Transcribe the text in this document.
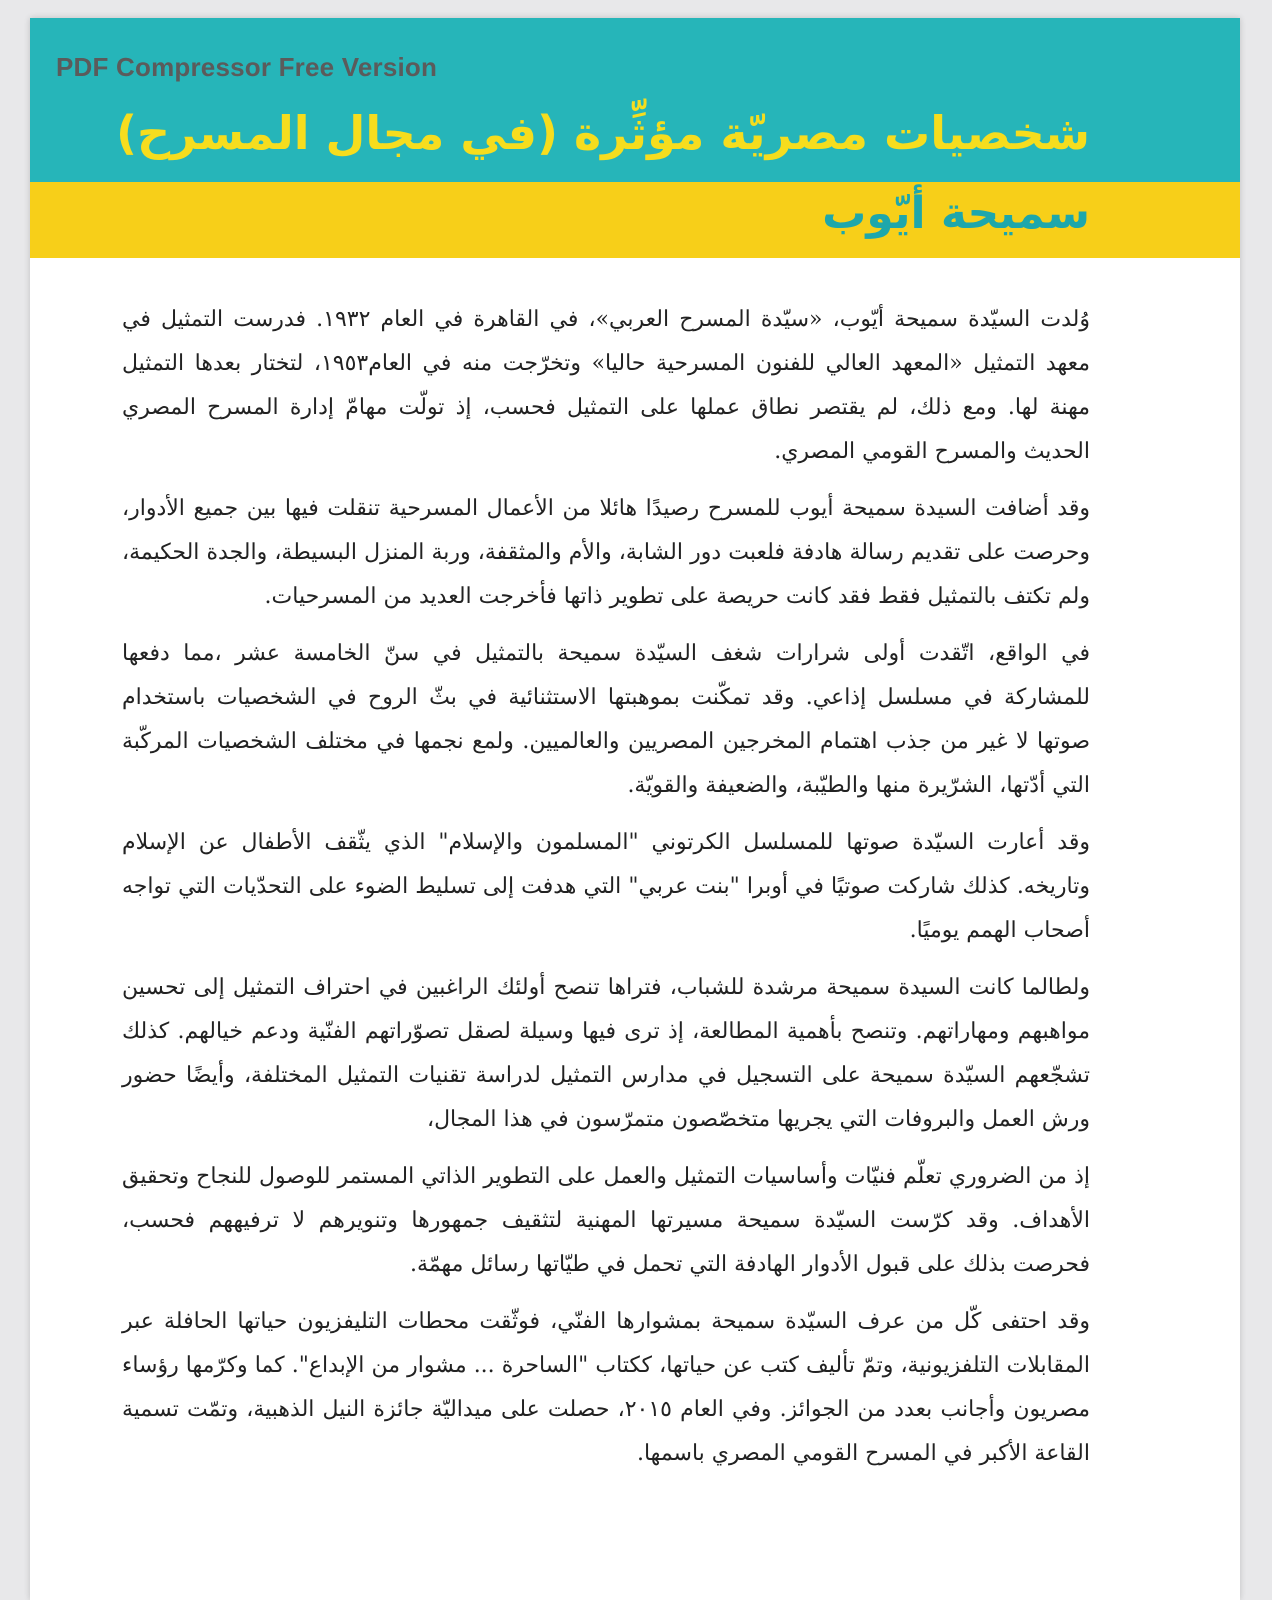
PDF Compressor Free Version
شخصيات مصريّة مؤثِّرة (في مجال المسرح)
سميحة أيّوب

وُلدت السيّدة سميحة أيّوب، «سيّدة المسرح العربي»، في القاهرة في العام ١٩٣٢. فدرست التمثيل في معهد التمثيل «المعهد العالي للفنون المسرحية حاليا» وتخرّجت منه في العام١٩٥٣، لتختار بعدها التمثيل مهنة لها. ومع ذلك، لم يقتصر نطاق عملها على التمثيل فحسب، إذ تولّت مهامّ إدارة المسرح المصري الحديث والمسرح القومي المصري.

وقد أضافت السيدة سميحة أيوب للمسرح رصيدًا هائلا من الأعمال المسرحية تنقلت فيها بين جميع الأدوار، وحرصت على تقديم رسالة هادفة فلعبت دور الشابة، والأم والمثقفة، وربة المنزل البسيطة، والجدة الحكيمة، ولم تكتف بالتمثيل فقط فقد كانت حريصة على تطوير ذاتها فأخرجت العديد من المسرحيات.

في الواقع، اتّقدت أولى شرارات شغف السيّدة سميحة بالتمثيل في سنّ الخامسة عشر ،مما دفعها للمشاركة في مسلسل إذاعي. وقد تمكّنت بموهبتها الاستثنائية في بثّ الروح في الشخصيات باستخدام صوتها لا غير من جذب اهتمام المخرجين المصريين والعالميين. ولمع نجمها في مختلف الشخصيات المركّبة التي أدّتها، الشرّيرة منها والطيّبة، والضعيفة والقويّة.

وقد أعارت السيّدة صوتها للمسلسل الكرتوني "المسلمون والإسلام" الذي يثّقف الأطفال عن الإسلام وتاريخه. كذلك شاركت صوتيًا في أوبرا "بنت عربي" التي هدفت إلى تسليط الضوء على التحدّيات التي تواجه أصحاب الهمم يوميًا.

ولطالما كانت السيدة سميحة مرشدة للشباب، فتراها تنصح أولئك الراغبين في احتراف التمثيل إلى تحسين مواهبهم ومهاراتهم. وتنصح بأهمية المطالعة، إذ ترى فيها وسيلة لصقل تصوّراتهم الفنّية ودعم خيالهم. كذلك تشجّعهم السيّدة سميحة على التسجيل في مدارس التمثيل لدراسة تقنيات التمثيل المختلفة، وأيضًا حضور ورش العمل والبروفات التي يجريها متخصّصون متمرّسون في هذا المجال،

إذ من الضروري تعلّم فنيّات وأساسيات التمثيل والعمل على التطوير الذاتي المستمر للوصول للنجاح وتحقيق الأهداف. وقد كرّست السيّدة سميحة مسيرتها المهنية لتثقيف جمهورها وتنويرهم لا ترفيههم فحسب، فحرصت بذلك على قبول الأدوار الهادفة التي تحمل في طيّاتها رسائل مهمّة.

وقد احتفى كّل من عرف السيّدة سميحة بمشوارها الفنّي، فوثّقت محطات التليفزيون حياتها الحافلة عبر المقابلات التلفزيونية، وتمّ تأليف كتب عن حياتها، ككتاب "الساحرة ... مشوار من الإبداع". كما وكرّمها رؤساء مصريون وأجانب بعدد من الجوائز. وفي العام ٢٠١٥، حصلت على ميداليّة جائزة النيل الذهبية، وتمّت تسمية القاعة الأكبر في المسرح القومي المصري باسمها.
